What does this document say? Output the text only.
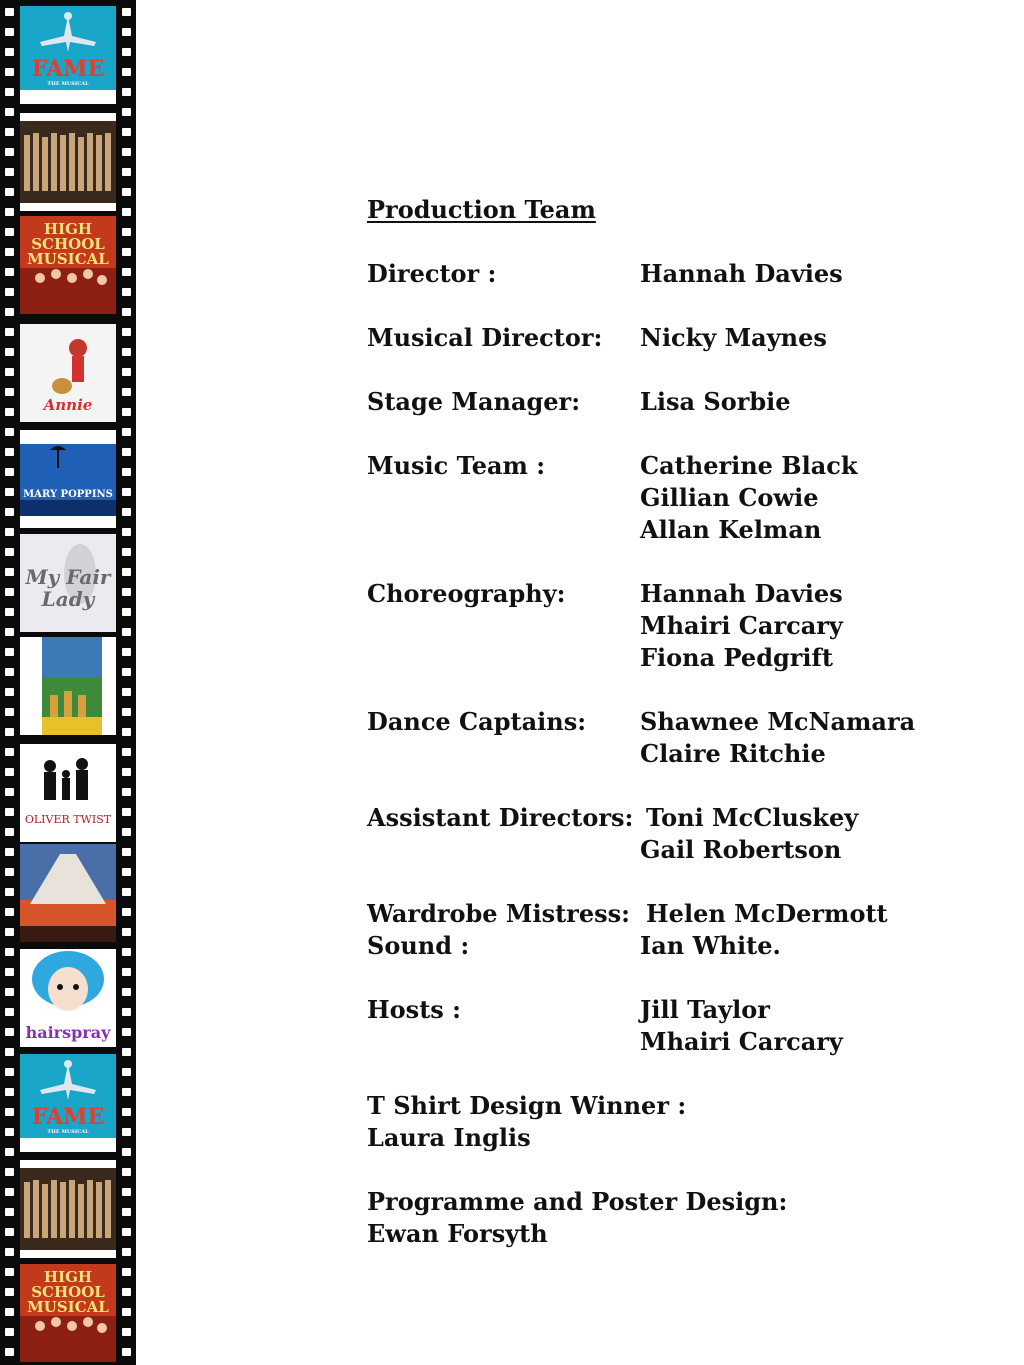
FAME
THE MUSICAL
HIGH SCHOOL MUSICAL
Annie
MARY POPPINS
My Fair Lady
OLIVER TWIST
hairspray
FAME
THE MUSICAL
HIGH SCHOOL MUSICAL
Production Team
Director :	Hannah Davies
Musical Director: Nicky Maynes
Stage Manager: Lisa Sorbie
Music Team :	Catherine Black
Gillian Cowie
Allan Kelman
Choreography:	Hannah Davies
Mhairi Carcary
Fiona Pedgrift
Dance Captains: Shawnee McNamara
Claire Ritchie
Assistant Directors: Toni McCluskey
Gail Robertson
Wardrobe Mistress: Helen McDermott
Sound :	Ian White.
Hosts :	Jill Taylor
Mhairi Carcary
T Shirt Design Winner :
Laura Inglis
Programme and Poster Design:
Ewan Forsyth
